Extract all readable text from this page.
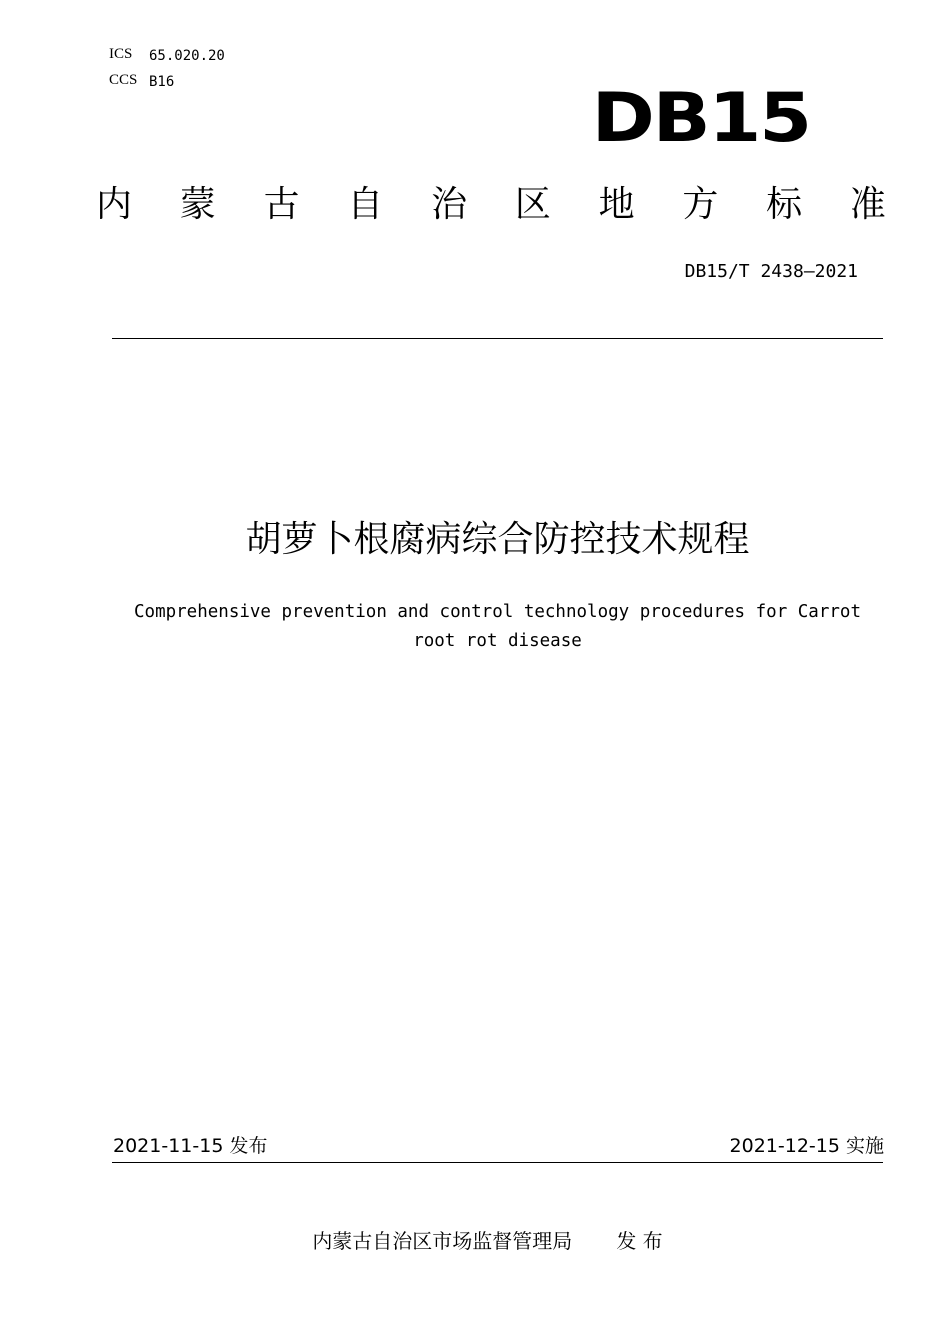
ICS 65.020.20
CCS B16	DB15
内 蒙 古 自 治 区 地 方 标 准
DB15/T 2438—2021
胡萝卜根腐病综合防控技术规程
Comprehensive prevention and control technology procedures for Carrot
root rot disease
2021-11-15 发布	2021-12-15 实施
内蒙古自治区市场监督管理局 发 布
